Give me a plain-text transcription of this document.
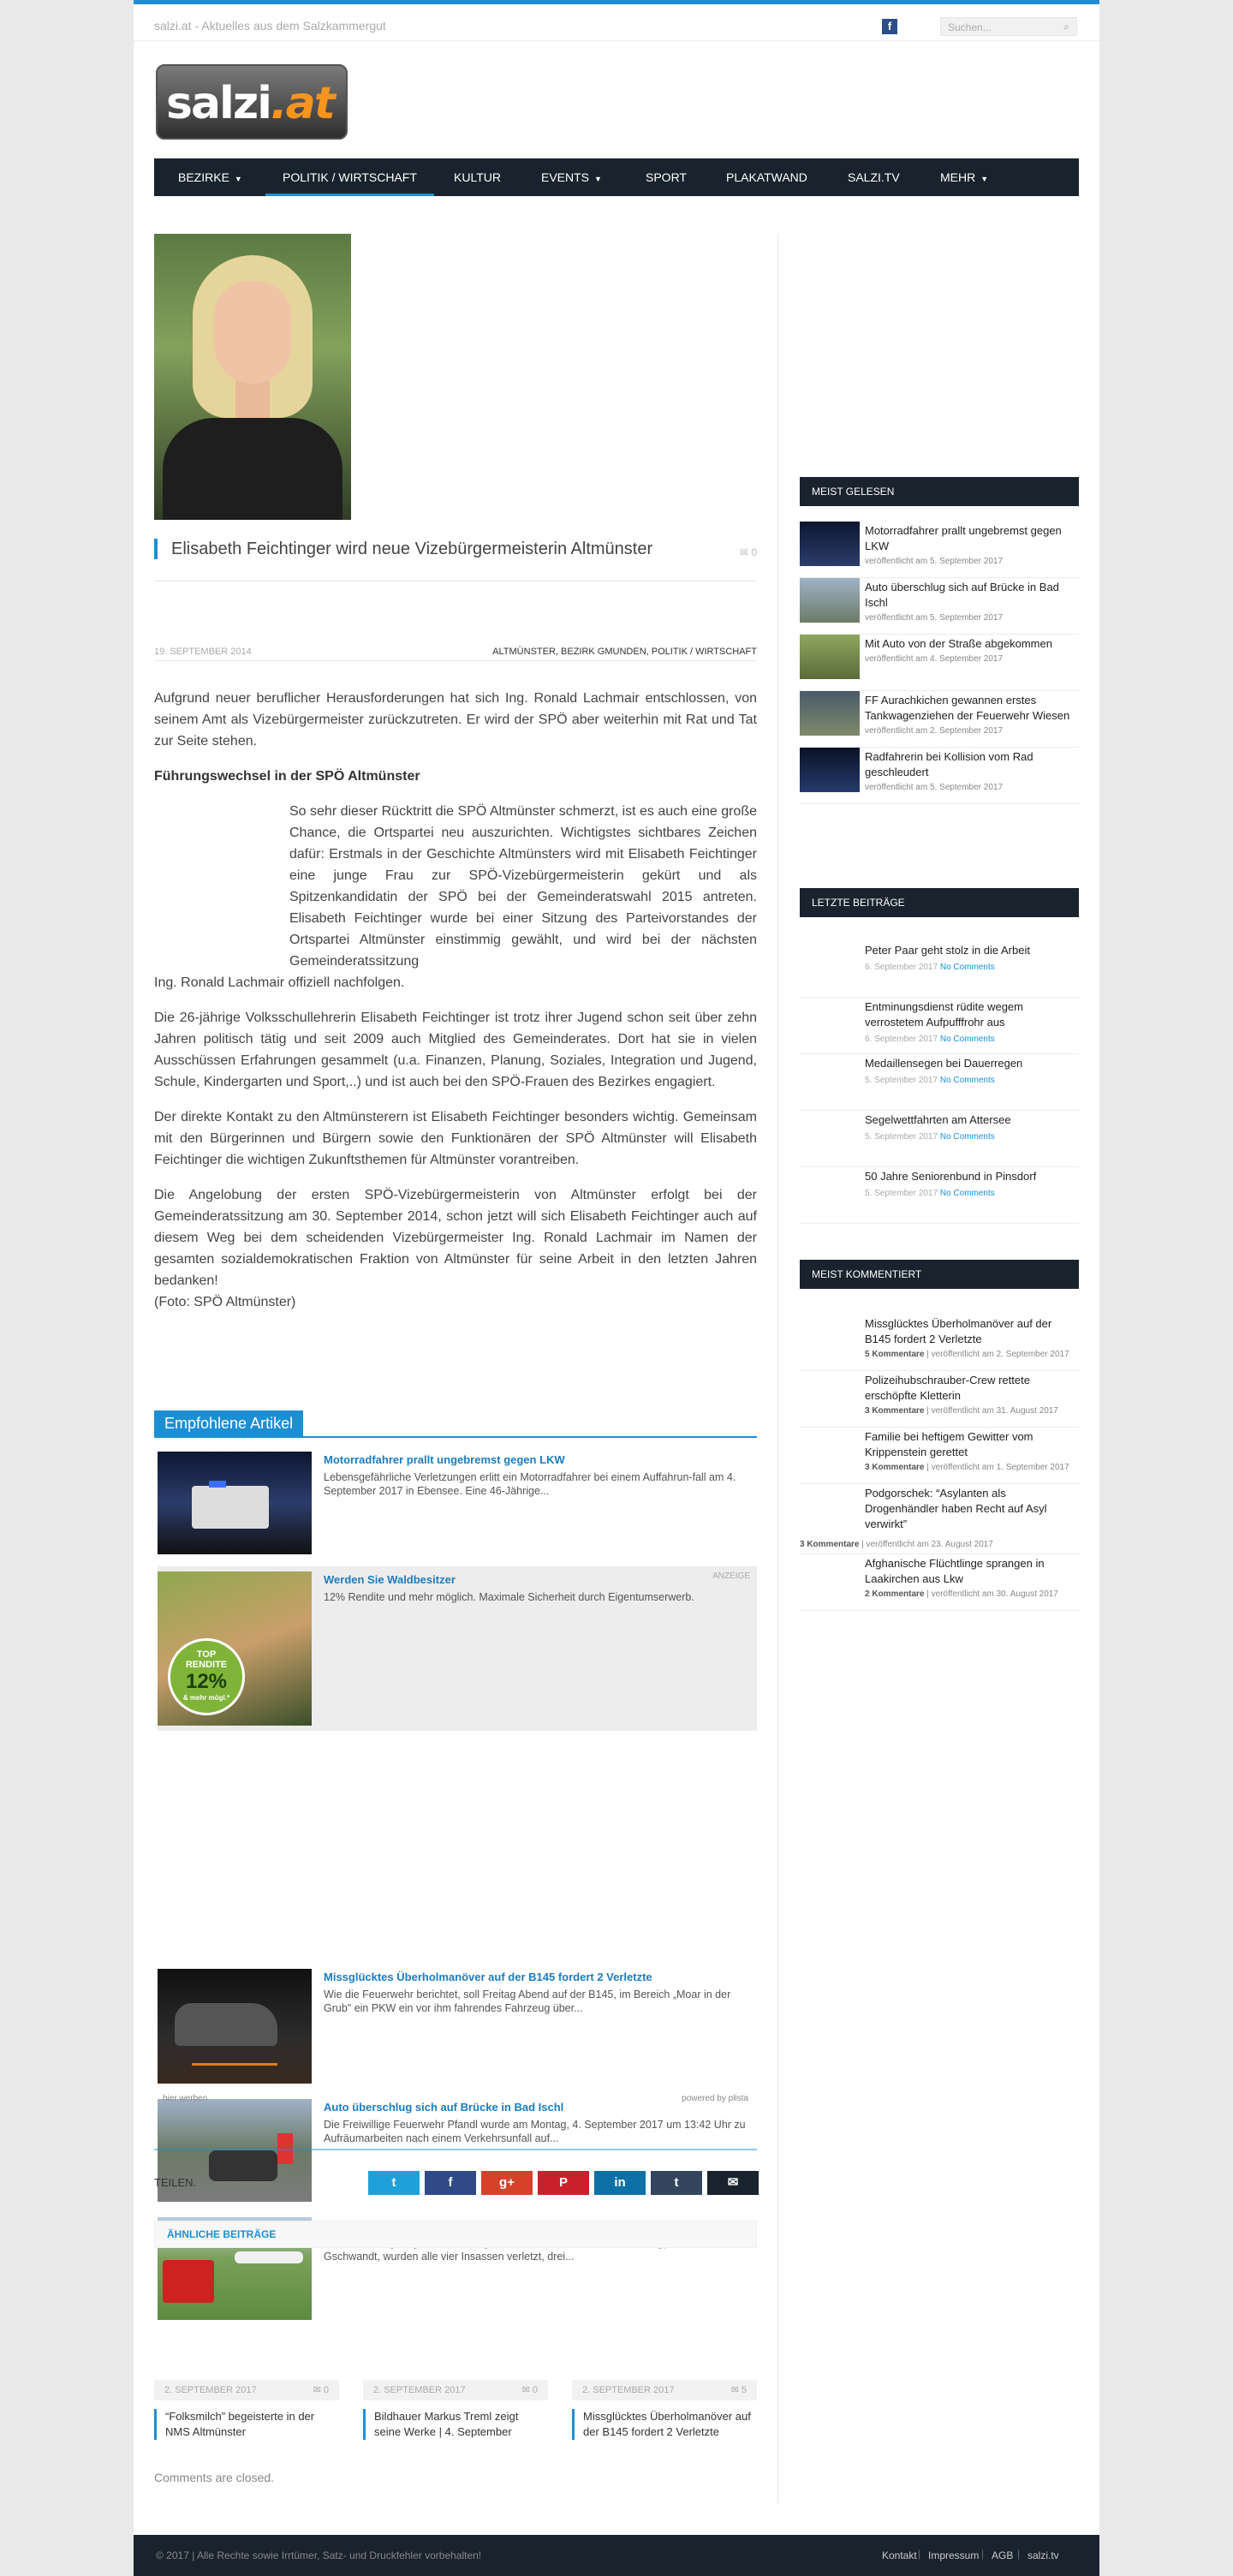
salzi.at - Aktuelles aus dem Salzkammergut	f	Suchen...	⌕
salzi.at
BEZIRKE ▼	POLITIK / WIRTSCHAFT	KULTUR	EVENTS ▼	SPORT	PLAKATWAND	SALZI.TV	MEHR ▼
Elisabeth Feichtinger wird neue Vizebürgermeisterin Altmünster	✉ 0
19. SEPTEMBER 2014	ALTMÜNSTER, BEZIRK GMUNDEN, POLITIK / WIRTSCHAFT

Aufgrund neuer beruflicher Herausforderungen hat sich Ing. Ronald Lachmair entschlossen, von seinem Amt als Vizebürgermeister zurückzutreten. Er wird der SPÖ aber weiterhin mit Rat und Tat zur Seite stehen.

Führungswechsel in der SPÖ Altmünster

So sehr dieser Rücktritt die SPÖ Altmünster schmerzt, ist es auch eine große Chance, die Ortspartei neu auszurichten. Wichtigstes sichtbares Zeichen dafür: Erstmals in der Geschichte Altmünsters wird mit Elisabeth Feichtinger eine junge Frau zur SPÖ-Vizebürgermeisterin gekürt und als Spitzenkandidatin der SPÖ bei der Gemeinderatswahl 2015 antreten. Elisabeth Feichtinger wurde bei einer Sitzung des Parteivorstandes der Ortspartei Altmünster einstimmig gewählt, und wird bei der nächsten Gemeinderatssitzung

Ing. Ronald Lachmair offiziell nachfolgen.

Die 26-jährige Volksschullehrerin Elisabeth Feichtinger ist trotz ihrer Jugend schon seit über zehn Jahren politisch tätig und seit 2009 auch Mitglied des Gemeinderates. Dort hat sie in vielen Ausschüssen Erfahrungen gesammelt (u.a. Finanzen, Planung, Soziales, Integration und Jugend, Schule, Kindergarten und Sport,..) und ist auch bei den SPÖ-Frauen des Bezirkes engagiert.

Der direkte Kontakt zu den Altmünsterern ist Elisabeth Feichtinger besonders wichtig. Gemeinsam mit den Bürgerinnen und Bürgern sowie den Funktionären der SPÖ Altmünster will Elisabeth Feichtinger die wichtigen Zukunftsthemen für Altmünster vorantreiben.

Die Angelobung der ersten SPÖ-Vizebürgermeisterin von Altmünster erfolgt bei der Gemeinderatssitzung am 30. September 2014, schon jetzt will sich Elisabeth Feichtinger auch auf diesem Weg bei dem scheidenden Vizebürgermeister Ing. Ronald Lachmair im Namen der gesamten sozialdemokratischen Fraktion von Altmünster für seine Arbeit in den letzten Jahren bedanken!

(Foto: SPÖ Altmünster)

Empfohlene Artikel
Motorradfahrer prallt ungebremst gegen LKW
Lebensgefährliche Verletzungen erlitt ein Motorradfahrer bei einem Auffahrun-fall am 4. September 2017 in Ebensee. Eine 46-Jährige...
TOP
RENDITE
12%
& mehr mögl.*
ANZEIGE
Werden Sie Waldbesitzer
12% Rendite und mehr möglich. Maximale Sicherheit durch Eigentumserwerb.
Missglücktes Überholmanöver auf der B145 fordert 2 Verletzte
Wie die Feuerwehr berichtet, soll Freitag Abend auf der B145, im Bereich „Moar in der Grub" ein PKW ein vor ihm fahrendes Fahrzeug über...
Auto überschlug sich auf Brücke in Bad Ischl
Die Freiwillige Feuerwehr Pfandl wurde am Montag, 4. September 2017 um 13:42 Uhr zu Aufräumarbeiten nach einem Verkehrsunfall auf...
Gschwandt, wurden alle vier Insassen verletzt, drei...
hier werben	powered by plista
TEILEN.	t	f	g+	P	in	t	✉
ÄHNLICHE BEITRÄGE
2. SEPTEMBER 2017	✉ 0
“Folksmilch” begeisterte in der NMS Altmünster
2. SEPTEMBER 2017	✉ 0
Bildhauer Markus Treml zeigt seine Werke | 4. September
2. SEPTEMBER 2017	✉ 5
Missglücktes Überholmanöver auf der B145 fordert 2 Verletzte
Comments are closed.
MEIST GELESEN
Motorradfahrer prallt ungebremst gegen LKW
veröffentlicht am 5. September 2017
Auto überschlug sich auf Brücke in Bad Ischl
veröffentlicht am 5. September 2017
Mit Auto von der Straße abgekommen
veröffentlicht am 4. September 2017
FF Aurachkichen gewannen erstes Tankwagenziehen der Feuerwehr Wiesen
veröffentlicht am 2. September 2017
Radfahrerin bei Kollision vom Rad geschleudert
veröffentlicht am 5. September 2017
LETZTE BEITRÄGE
Peter Paar geht stolz in die Arbeit
6. September 2017 No Comments
Entminungsdienst rüdite wegem verrostetem Aufpufffrohr aus
6. September 2017 No Comments
Medaillensegen bei Dauerregen
5. September 2017 No Comments
Segelwettfahrten am Attersee
5. September 2017 No Comments
50 Jahre Seniorenbund in Pinsdorf
5. September 2017 No Comments
MEIST KOMMENTIERT
Missglücktes Überholmanöver auf der B145 fordert 2 Verletzte
5 Kommentare | veröffentlicht am 2. September 2017
Polizeihubschrauber-Crew rettete erschöpfte Kletterin
3 Kommentare | veröffentlicht am 31. August 2017
Familie bei heftigem Gewitter vom Krippenstein gerettet
3 Kommentare | veröffentlicht am 1. September 2017
Podgorschek: “Asylanten als Drogenhändler haben Recht auf Asyl verwirkt”
3 Kommentare | veröffentlicht am 23. August 2017
Afghanische Flüchtlinge sprangen in Laakirchen aus Lkw
2 Kommentare | veröffentlicht am 30. August 2017
© 2017 | Alle Rechte sowie Irrtümer, Satz- und Druckfehler vorbehalten!	Kontakt | Impressum | AGB | salzi.tv
